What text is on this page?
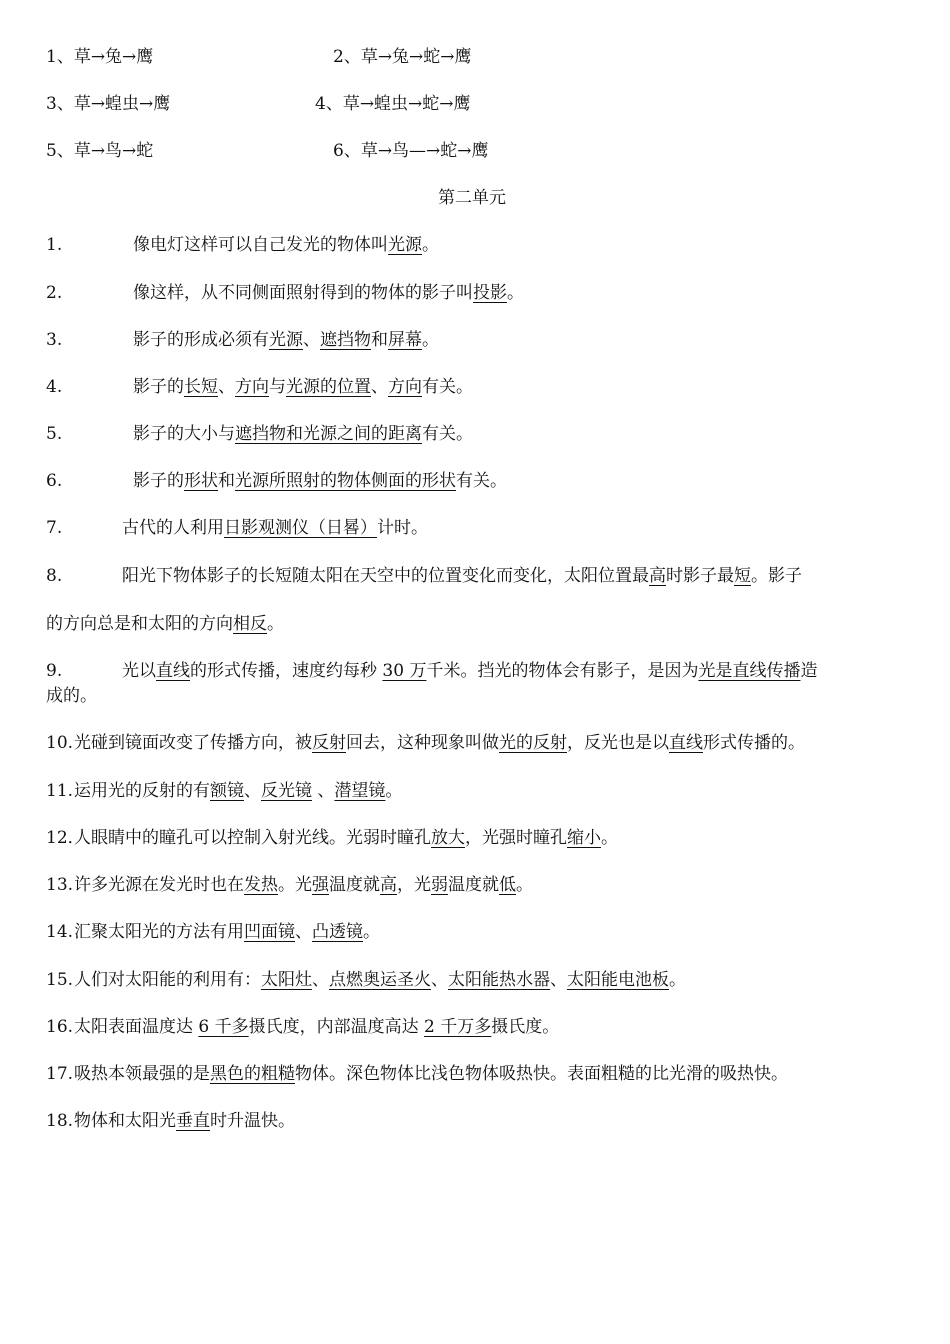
1、草→兔→鹰	2、草→兔→蛇→鹰
3、草→蝗虫→鹰	4、草→蝗虫→蛇→鹰
5、草→鸟→蛇	6、草→鸟—→蛇→鹰
第二单元
1.	像电灯这样可以自己发光的物体叫光源。
2.	像这样，从不同侧面照射得到的物体的影子叫投影。
3.	影子的形成必须有光源、遮挡物和屏幕。
4.	影子的长短、方向与光源的位置、方向有关。
5.	影子的大小与遮挡物和光源之间的距离有关。
6.	影子的形状和光源所照射的物体侧面的形状有关。
7.	古代的人利用日影观测仪（日晷）计时。
8.	阳光下物体影子的长短随太阳在天空中的位置变化而变化，太阳位置最高时影子最短。影子
的方向总是和太阳的方向相反。
9.	光以直线的形式传播，速度约每秒 30 万千米。挡光的物体会有影子，是因为光是直线传播造
成的。
10. 光碰到镜面改变了传播方向，被反射回去，这种现象叫做光的反射，反光也是以直线形式传播的。
11. 运用光的反射的有额镜、反光镜 、潜望镜。
12．
人眼睛中的瞳孔可以控制入射光线。光弱时瞳孔放大，光强时瞳孔缩小。
13. 许多光源在发光时也在发热。光强温度就高，光弱温度就低。
14. 汇聚太阳光的方法有用凹面镜、凸透镜。
15. 人们对太阳能的利用有：太阳灶、点燃奥运圣火、太阳能热水器、太阳能电池板。
16. 太阳表面温度达 6 千多摄氏度，内部温度高达 2 千万多摄氏度。
17. 吸热本领最强的是黑色的粗糙物体。深色物体比浅色物体吸热快。表面粗糙的比光滑的吸热快。
18. 物体和太阳光垂直时升温快。
